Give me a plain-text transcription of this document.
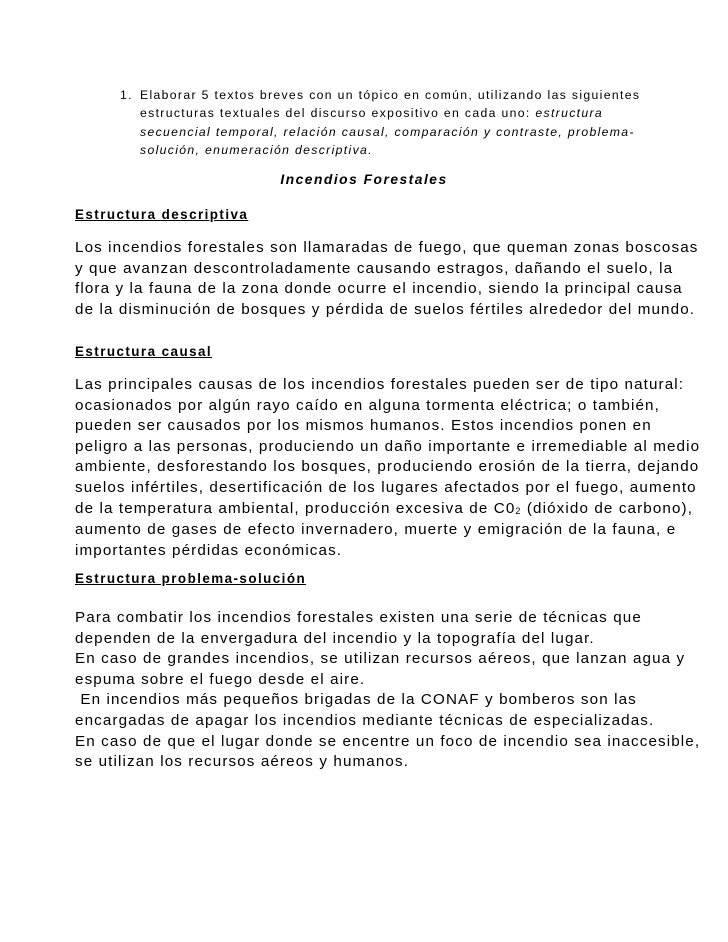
1. Elaborar 5 textos breves con un tópico en común, utilizando las siguientes estructuras textuales del discurso expositivo en cada uno: estructura secuencial temporal, relación causal, comparación y contraste, problema-solución, enumeración descriptiva.
Incendios Forestales
Estructura descriptiva

Los incendios forestales son llamaradas de fuego, que queman zonas boscosas

y que avanzan descontroladamente causando estragos, dañando el suelo, la

flora y la fauna de la zona donde ocurre el incendio, siendo la principal causa

de la disminución de bosques y pérdida de suelos fértiles alrededor del mundo.

Estructura causal

Las principales causas de los incendios forestales pueden ser de tipo natural:

ocasionados por algún rayo caído en alguna tormenta eléctrica; o también,

pueden ser causados por los mismos humanos. Estos incendios ponen en

peligro a las personas, produciendo un daño importante e irremediable al medio

ambiente, desforestando los bosques, produciendo erosión de la tierra, dejando

suelos infértiles, desertificación de los lugares afectados por el fuego, aumento

de la temperatura ambiental, producción excesiva de $C0_2$ (dióxido de carbono),

aumento de gases de efecto invernadero, muerte y emigración de la fauna, e

importantes pérdidas económicas.

Estructura problema-solución

Para combatir los incendios forestales existen una serie de técnicas que

dependen de la envergadura del incendio y la topografía del lugar.

En caso de grandes incendios, se utilizan recursos aéreos, que lanzan agua y

espuma sobre el fuego desde el aire.

En incendios más pequeños brigadas de la CONAF y bomberos son las

encargadas de apagar los incendios mediante técnicas de especializadas.

En caso de que el lugar donde se encentre un foco de incendio sea inaccesible,

se utilizan los recursos aéreos y humanos.
